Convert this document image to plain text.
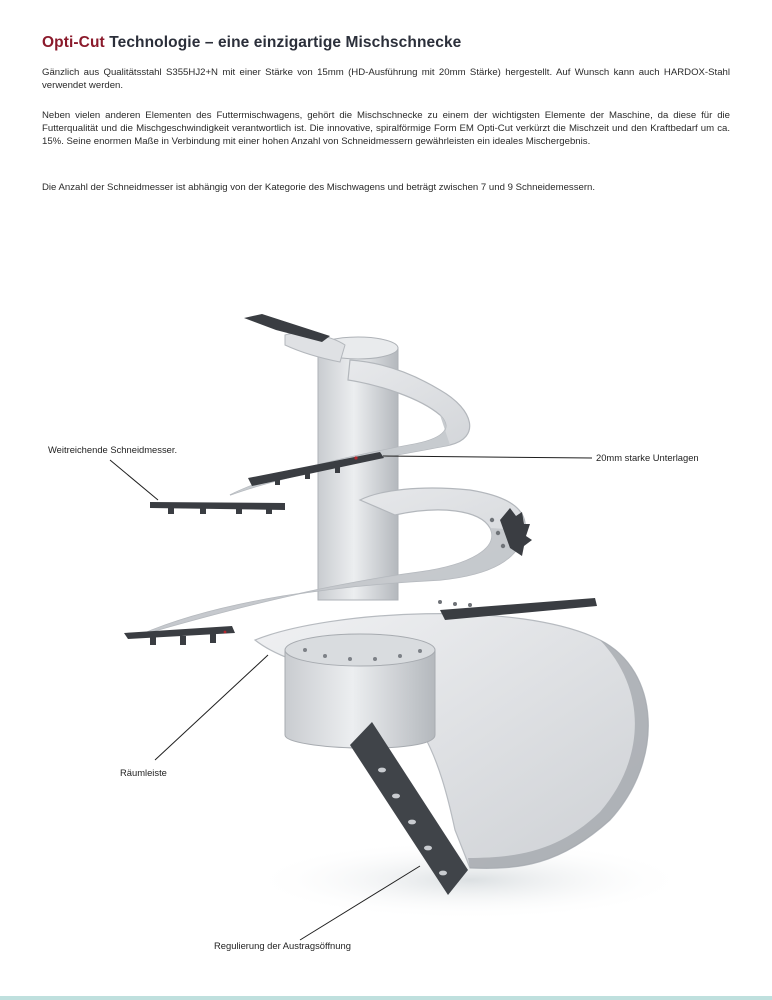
Opti-Cut Technologie – eine einzigartige Mischschnecke

Gänzlich aus Qualitätsstahl S355HJ2+N mit einer Stärke von 15mm (HD-Ausführung mit 20mm Stärke) hergestellt. Auf Wunsch kann auch HARDOX-Stahl verwendet werden.

Neben vielen anderen Elementen des Futtermischwagens, gehört die Mischschnecke zu einem der wichtigsten Elemente der Maschine, da diese für die Futterqualität und die Mischgeschwindigkeit verantwortlich ist. Die innovative, spiralförmige Form EM Opti-Cut verkürzt die Mischzeit und den Kraftbedarf um ca. 15%. Seine enormen Maße in Verbindung mit einer hohen Anzahl von Schneidmessern gewährleisten ein ideales Mischergebnis.

Die Anzahl der Schneidmesser ist abhängig von der Kategorie des Mischwagens und beträgt zwischen 7 und 9 Schneidemessern.

Weitreichende Schneidmesser.
20mm starke Unterlagen
Räumleiste
Regulierung der Austragsöffnung
